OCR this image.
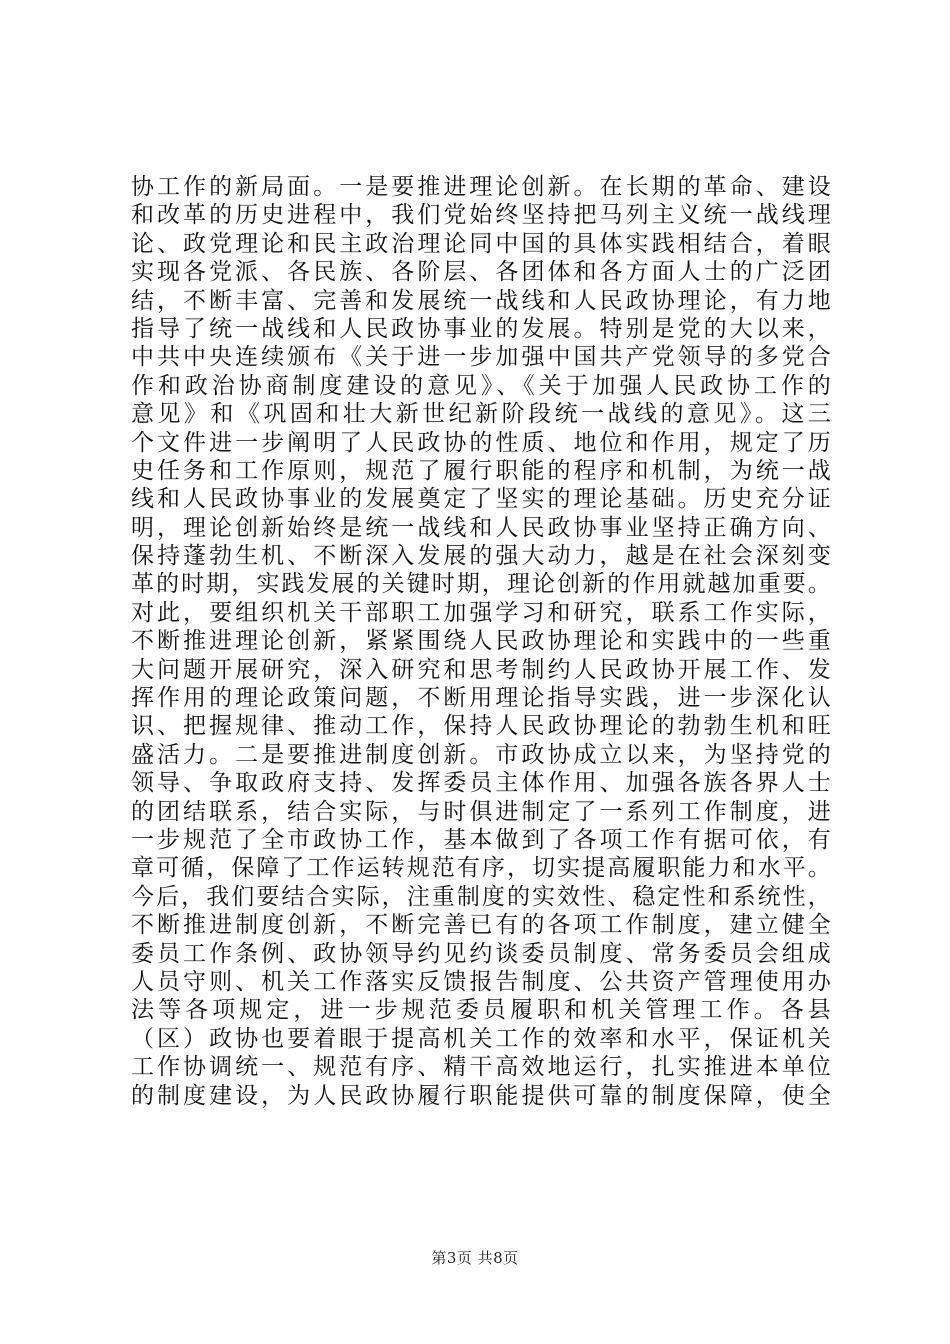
协工作的新局面。一是要推进理论创新。在长期的革命、建设
和改革的历史进程中，我们党始终坚持把马列主义统一战线理
论、政党理论和民主政治理论同中国的具体实践相结合，着眼
实现各党派、各民族、各阶层、各团体和各方面人士的广泛团
结，不断丰富、完善和发展统一战线和人民政协理论，有力地
指导了统一战线和人民政协事业的发展。特别是党的大以来，
中共中央连续颁布《关于进一步加强中国共产党领导的多党合
作和政治协商制度建设的意见》、《关于加强人民政协工作的
意见》和《巩固和壮大新世纪新阶段统一战线的意见》。这三
个文件进一步阐明了人民政协的性质、地位和作用，规定了历
史任务和工作原则，规范了履行职能的程序和机制，为统一战
线和人民政协事业的发展奠定了坚实的理论基础。历史充分证
明，理论创新始终是统一战线和人民政协事业坚持正确方向、
保持蓬勃生机、不断深入发展的强大动力，越是在社会深刻变
革的时期，实践发展的关键时期，理论创新的作用就越加重要。
对此，要组织机关干部职工加强学习和研究，联系工作实际，
不断推进理论创新，紧紧围绕人民政协理论和实践中的一些重
大问题开展研究，深入研究和思考制约人民政协开展工作、发
挥作用的理论政策问题，不断用理论指导实践，进一步深化认
识、把握规律、推动工作，保持人民政协理论的勃勃生机和旺
盛活力。二是要推进制度创新。市政协成立以来，为坚持党的
领导、争取政府支持、发挥委员主体作用、加强各族各界人士
的团结联系，结合实际，与时俱进制定了一系列工作制度，进
一步规范了全市政协工作，基本做到了各项工作有据可依，有
章可循，保障了工作运转规范有序，切实提高履职能力和水平。
今后，我们要结合实际，注重制度的实效性、稳定性和系统性，
不断推进制度创新，不断完善已有的各项工作制度，建立健全
委员工作条例、政协领导约见约谈委员制度、常务委员会组成
人员守则、机关工作落实反馈报告制度、公共资产管理使用办
法等各项规定，进一步规范委员履职和机关管理工作。各县
（区）政协也要着眼于提高机关工作的效率和水平，保证机关
工作协调统一、规范有序、精干高效地运行，扎实推进本单位
的制度建设，为人民政协履行职能提供可靠的制度保障，使全
第3页 共8页
